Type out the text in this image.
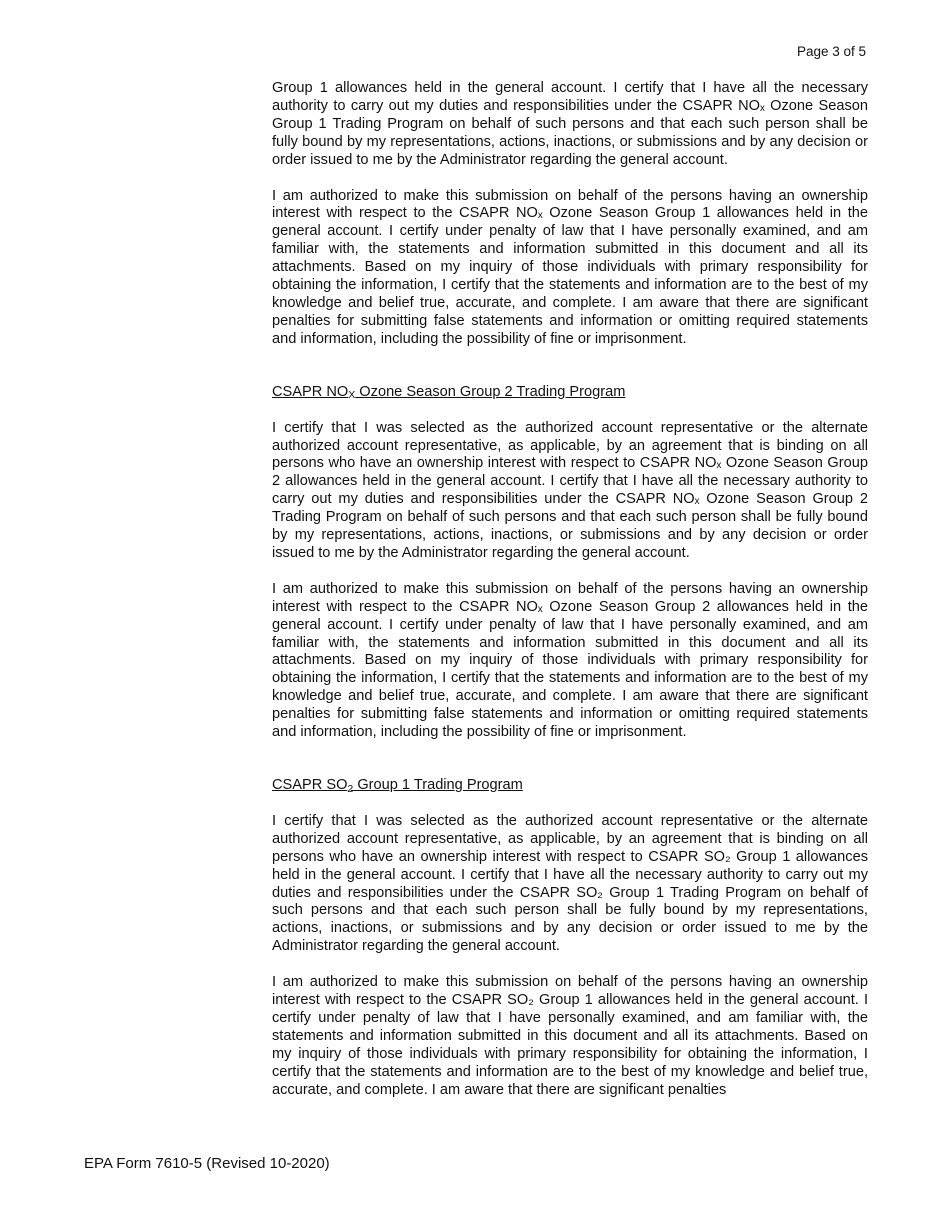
Page 3 of 5

Group 1 allowances held in the general account. I certify that I have all the necessary authority to carry out my duties and responsibilities under the CSAPR NOₓ Ozone Season Group 1 Trading Program on behalf of such persons and that each such person shall be fully bound by my representations, actions, inactions, or submissions and by any decision or order issued to me by the Administrator regarding the general account.

I am authorized to make this submission on behalf of the persons having an ownership interest with respect to the CSAPR NOₓ Ozone Season Group 1 allowances held in the general account. I certify under penalty of law that I have personally examined, and am familiar with, the statements and information submitted in this document and all its attachments. Based on my inquiry of those individuals with primary responsibility for obtaining the information, I certify that the statements and information are to the best of my knowledge and belief true, accurate, and complete. I am aware that there are significant penalties for submitting false statements and information or omitting required statements and information, including the possibility of fine or imprisonment.

CSAPR NOX Ozone Season Group 2 Trading Program

I certify that I was selected as the authorized account representative or the alternate authorized account representative, as applicable, by an agreement that is binding on all persons who have an ownership interest with respect to CSAPR NOₓ Ozone Season Group 2 allowances held in the general account. I certify that I have all the necessary authority to carry out my duties and responsibilities under the CSAPR NOₓ Ozone Season Group 2 Trading Program on behalf of such persons and that each such person shall be fully bound by my representations, actions, inactions, or submissions and by any decision or order issued to me by the Administrator regarding the general account.

I am authorized to make this submission on behalf of the persons having an ownership interest with respect to the CSAPR NOₓ Ozone Season Group 2 allowances held in the general account. I certify under penalty of law that I have personally examined, and am familiar with, the statements and information submitted in this document and all its attachments. Based on my inquiry of those individuals with primary responsibility for obtaining the information, I certify that the statements and information are to the best of my knowledge and belief true, accurate, and complete. I am aware that there are significant penalties for submitting false statements and information or omitting required statements and information, including the possibility of fine or imprisonment.

CSAPR SO2 Group 1 Trading Program

I certify that I was selected as the authorized account representative or the alternate authorized account representative, as applicable, by an agreement that is binding on all persons who have an ownership interest with respect to CSAPR SO₂ Group 1 allowances held in the general account. I certify that I have all the necessary authority to carry out my duties and responsibilities under the CSAPR SO₂ Group 1 Trading Program on behalf of such persons and that each such person shall be fully bound by my representations, actions, inactions, or submissions and by any decision or order issued to me by the Administrator regarding the general account.

I am authorized to make this submission on behalf of the persons having an ownership interest with respect to the CSAPR SO₂ Group 1 allowances held in the general account. I certify under penalty of law that I have personally examined, and am familiar with, the statements and information submitted in this document and all its attachments. Based on my inquiry of those individuals with primary responsibility for obtaining the information, I certify that the statements and information are to the best of my knowledge and belief true, accurate, and complete. I am aware that there are significant penalties

EPA Form 7610-5 (Revised 10-2020)
